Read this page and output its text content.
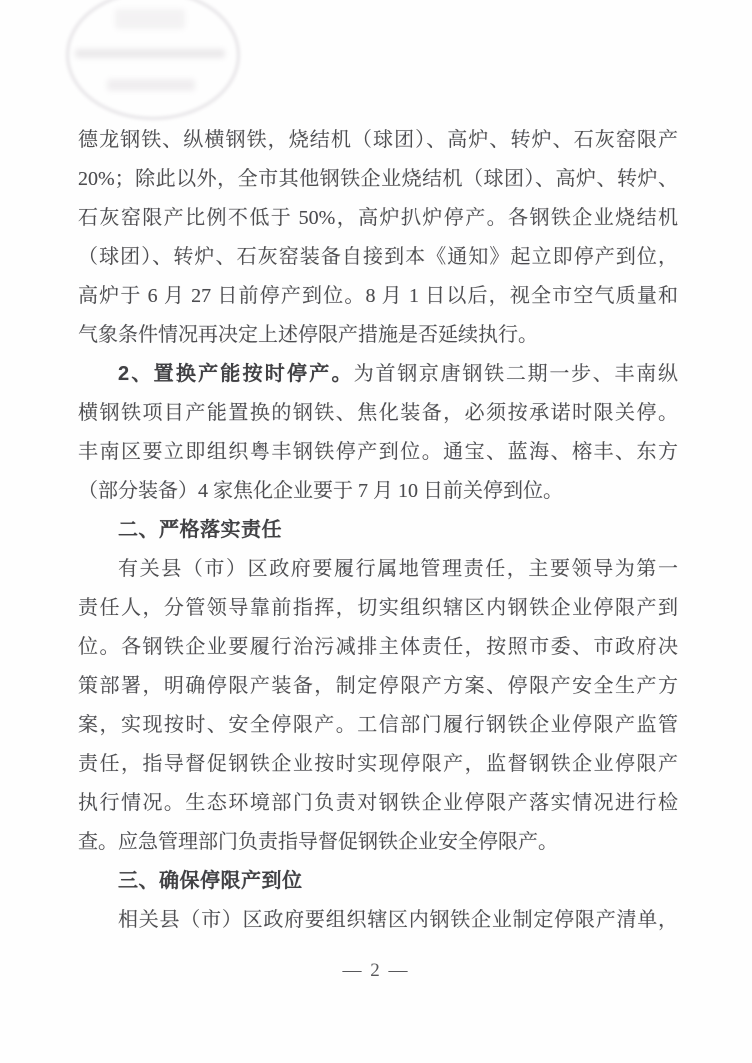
德龙钢铁、纵横钢铁，烧结机（球团）、高炉、转炉、石灰窑限产
20%；除此以外，全市其他钢铁企业烧结机（球团）、高炉、转炉、
石灰窑限产比例不低于 50%，高炉扒炉停产。各钢铁企业烧结机
（球团）、转炉、石灰窑装备自接到本《通知》起立即停产到位，
高炉于 6 月 27 日前停产到位。8 月 1 日以后，视全市空气质量和
气象条件情况再决定上述停限产措施是否延续执行。
2、置换产能按时停产。为首钢京唐钢铁二期一步、丰南纵
横钢铁项目产能置换的钢铁、焦化装备，必须按承诺时限关停。
丰南区要立即组织粤丰钢铁停产到位。通宝、蓝海、榕丰、东方
（部分装备）4 家焦化企业要于 7 月 10 日前关停到位。
二、严格落实责任
有关县（市）区政府要履行属地管理责任，主要领导为第一
责任人，分管领导靠前指挥，切实组织辖区内钢铁企业停限产到
位。各钢铁企业要履行治污减排主体责任，按照市委、市政府决
策部署，明确停限产装备，制定停限产方案、停限产安全生产方
案，实现按时、安全停限产。工信部门履行钢铁企业停限产监管
责任，指导督促钢铁企业按时实现停限产，监督钢铁企业停限产
执行情况。生态环境部门负责对钢铁企业停限产落实情况进行检
查。应急管理部门负责指导督促钢铁企业安全停限产。
三、确保停限产到位
相关县（市）区政府要组织辖区内钢铁企业制定停限产清单，
— 2 —
